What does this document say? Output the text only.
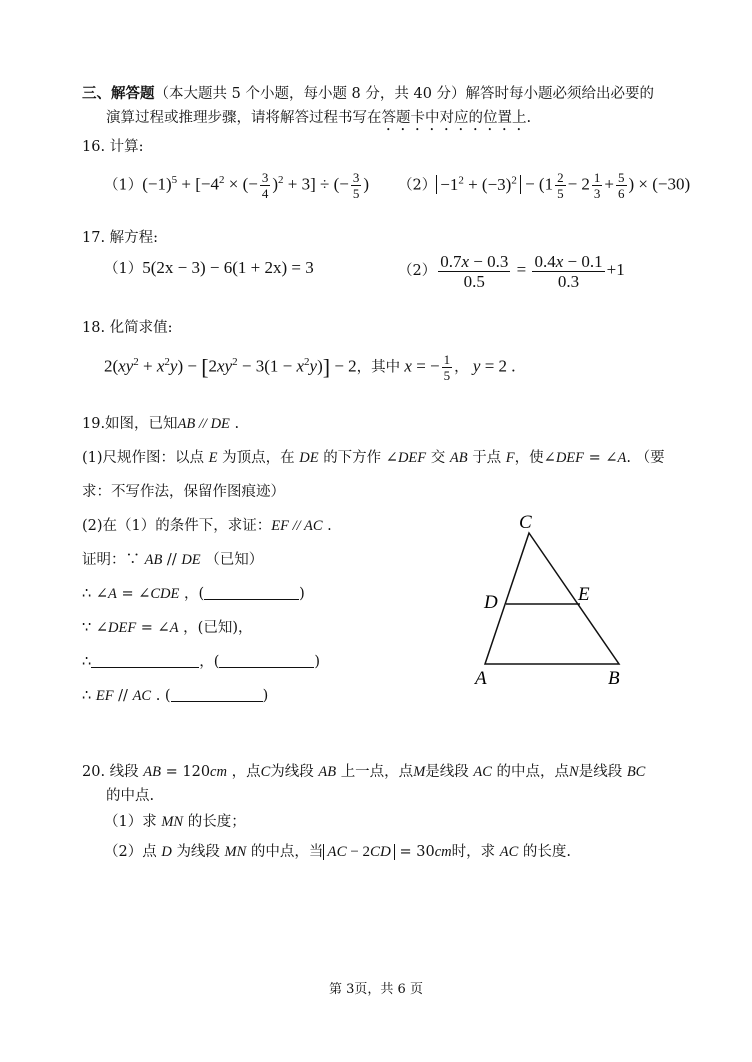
三、解答题（本大题共 5 个小题，每小题 8 分，共 40 分）解答时每小题必须给出必要的
演算过程或推理步骤，请将解答过程书写在答题卡中对应的位置上.
16. 计算:
$(1)(-1)^5 + [-4^2$ × (− $\frac{3}{4} )^2 + 3$] ÷ (− $\frac{3}{5}$ ) $(2) -1^2 + (-3)^2 - (1 \frac{2}{5} - 2 \frac{1}{3} + \frac{5}{6}$ ) × (−30)
17. 解方程:
（1）5(2x − 3) − 6(1 + 2x) = 3	$(2) \frac{0.7x - 0.3}{0.5} = \frac{0.4x - 0.1}{0.3} +1$
18. 化简求值:
$2(xy^2 + x^2y) - [2xy^2 - 3(1 - x^2y)] - 2$，其中 x = − $\frac{1}{5}$ ， y = 2 .
19.如图，已知AB // DE .
(1)尺规作图：以点 E 为顶点，在 DE 的下方作 ∠DEF 交 AB 于点 F，使∠DEF = ∠A. （要
求：不写作法，保留作图痕迹）
(2)在（1）的条件下，求证：EF // AC .
证明：∵ AB // DE （已知）
∴ ∠A = ∠CDE ，(	)
∵ ∠DEF = ∠A ，(已知)，
∴	，(	)
∴ EF // AC . (	)
C
D	E
A	B
20. 线段 AB = 120cm ，点C为线段 AB 上一点，点M是线段 AC 的中点，点N是线段 BC
的中点.
（1）求 MN 的长度；
（2）点 D 为线段 MN 的中点，当 AC − 2CD = 30cm时，求 AC 的长度.
第 3页，共 6 页
